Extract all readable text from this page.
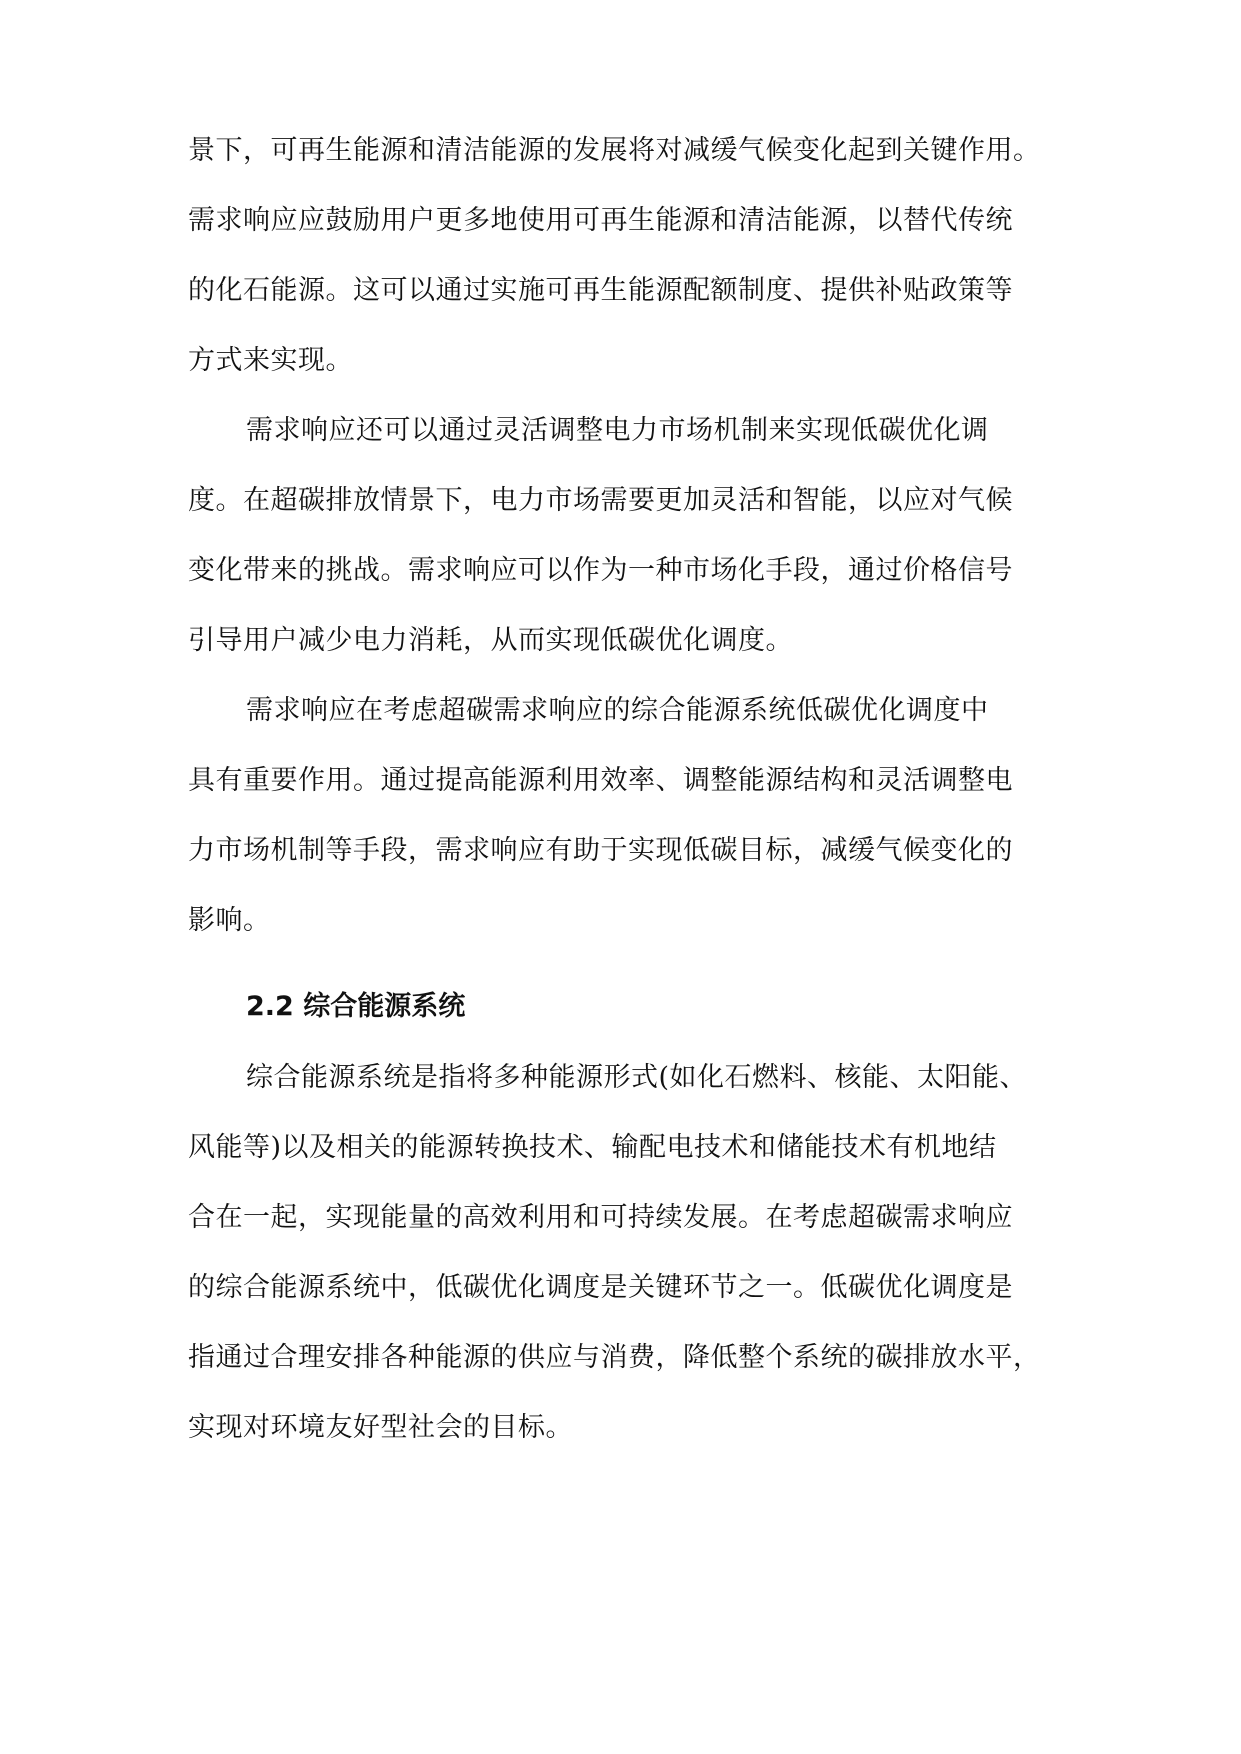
景下，可再生能源和清洁能源的发展将对减缓气候变化起到关键作用。
需求响应应鼓励用户更多地使用可再生能源和清洁能源，以替代传统
的化石能源。这可以通过实施可再生能源配额制度、提供补贴政策等
方式来实现。
需求响应还可以通过灵活调整电力市场机制来实现低碳优化调
度。在超碳排放情景下，电力市场需要更加灵活和智能，以应对气候
变化带来的挑战。需求响应可以作为一种市场化手段，通过价格信号
引导用户减少电力消耗，从而实现低碳优化调度。
需求响应在考虑超碳需求响应的综合能源系统低碳优化调度中
具有重要作用。通过提高能源利用效率、调整能源结构和灵活调整电
力市场机制等手段，需求响应有助于实现低碳目标，减缓气候变化的
影响。
2.2 综合能源系统
综合能源系统是指将多种能源形式(如化石燃料、核能、太阳能、
风能等)以及相关的能源转换技术、输配电技术和储能技术有机地结
合在一起，实现能量的高效利用和可持续发展。在考虑超碳需求响应
的综合能源系统中，低碳优化调度是关键环节之一。低碳优化调度是
指通过合理安排各种能源的供应与消费，降低整个系统的碳排放水平，
实现对环境友好型社会的目标。
